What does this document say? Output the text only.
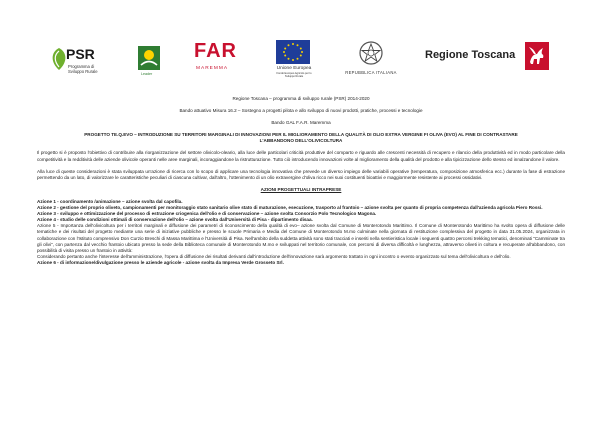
PSR
Programma di Sviluppo Rurale	Leader
FAR
MAREMMA	Unione Europea
Fondo Europeo Agricolo per lo Sviluppo Rurale
REPUBBLICA ITALIANA
Regione Toscana

Regione Toscana – programma di sviluppo rurale (PSR) 2014-2020

Bando attuativo Misura 16.2 – Sostegno a progetti pilota e allo sviluppo di nuovi prodotti, pratiche, processi e tecnologie

Bando GAL F.A.R. Maremma

PROGETTO TE.Q.EVO – INTRODUZIONE SU TERRITORI MARGINALI DI INNOVAZIONI PER IL MIGLIORAMENTO DELLA QUALITÀ DI OLIO EXTRA VERGINE FI OLIVA (EVO) AL FINE DI CONTRASTARE

L'ABBANDONO DELL'OLIVICOLTURA

Il progetto si è proposto l'obiettivo di contribuire alla riorganizzazione del settore olivicolo-oleario, alla luce delle particolari criticità produttive del comparto e riguardo alle crescenti necessità di recupero e rilancio della produttività ed in modo particolare della competitività e la redditività delle aziende olivicole operanti nelle aree marginali, incoraggiandone la ristrutturazione. Tutto ciò introducendo innovazioni volte al miglioramento della qualità del prodotto e alla tipicizzazione dello stesso ed innalzandone il valore.

Alla luce di queste considerazioni è stata sviluppata un'azione di ricerca con lo scopo di applicare una tecnologia innovativa che prevede un diverso impiego delle variabili operative (temperatura, composizione atmosferica ecc.) durante la fase di estrazione permettendo da un lato, di valorizzare le caratteristiche peculiari di ciascuna cultivar, dall'altro, l'ottenimento di un olio extravergine d'oliva ricco nei suoi costituenti bioattivi e maggiormente resistente ai processi ossidativi.

AZIONI PROGETTUALI INTRAPRESE

Azione 1 - coordinamento /animazione – azione svolta dal capofila.

Azione 2 - gestione del proprio oliveto, campionamenti per monitoraggio stato sanitario olive stato di maturazione, esecuzione, trasporto al frantoio – azione svolta per quanto di propria competenza dall'azienda agricola Piero Rossi.

Azione 3 - sviluppo e ottimizzazione del processo di estrazione criogenica dell'olio e di conservazione – azione svolta Consorzio Polo Tecnologico Magona.

Azione 4 - studio delle condizioni ottimali di conservazione dell'olio – azione svolta dall'Università di Pisa - dipartimento disaa.

Azione 5 - Importanza dell'olivicoltura per i territori marginali e diffusione dei parametri di riconoscimento della qualità di evo– azione svolta dal Comune di Monterotondo Marittimo. Il Comune di Monterotondo Marittimo ha svolto opera di diffusione delle tematiche e dei risultati del progetto mediante una serie di iniziative pubbliche e presso le scuole Primaria e Media del Comune di Monterotondo M.mo culminate nella giornata di restituzione complessiva del progetto in data 31.05.2024, organizzata in collaborazione con l'Istituto comprensivo Don Curzio Breschi di Massa Marittima e l'Università di Pisa. Nell'ambito della suddetta attività sono stati tracciati e inseriti nella sentieristica locale i seguenti quattro percorsi trekking tematici, denominati "Camminate tra gli olivi", con partenza dal vecchio frantoio ubicato presso la sede della Biblioteca comunale di Monterotondo M.mo e sviluppati nel territorio comunale, con percorsi di diversa difficoltà e lunghezza, attraverso oliveti in coltura e recuperate all'abbandono, con possibilità di visita presso un frantoio in attività:

Considerando pertanto anche l'interesse dell'amministrazione, l'opera di diffusione dei risultati derivanti dall'introduzione dell'innovazione sarà argomento trattato in ogni incontro o evento organizzato sul tema dell'olivicoltura e dell'olio.

Azione 6 - di informazione/divulgazione presso le aziende agricole - azione svolta da Impresa Verde Grosseto Srl.
